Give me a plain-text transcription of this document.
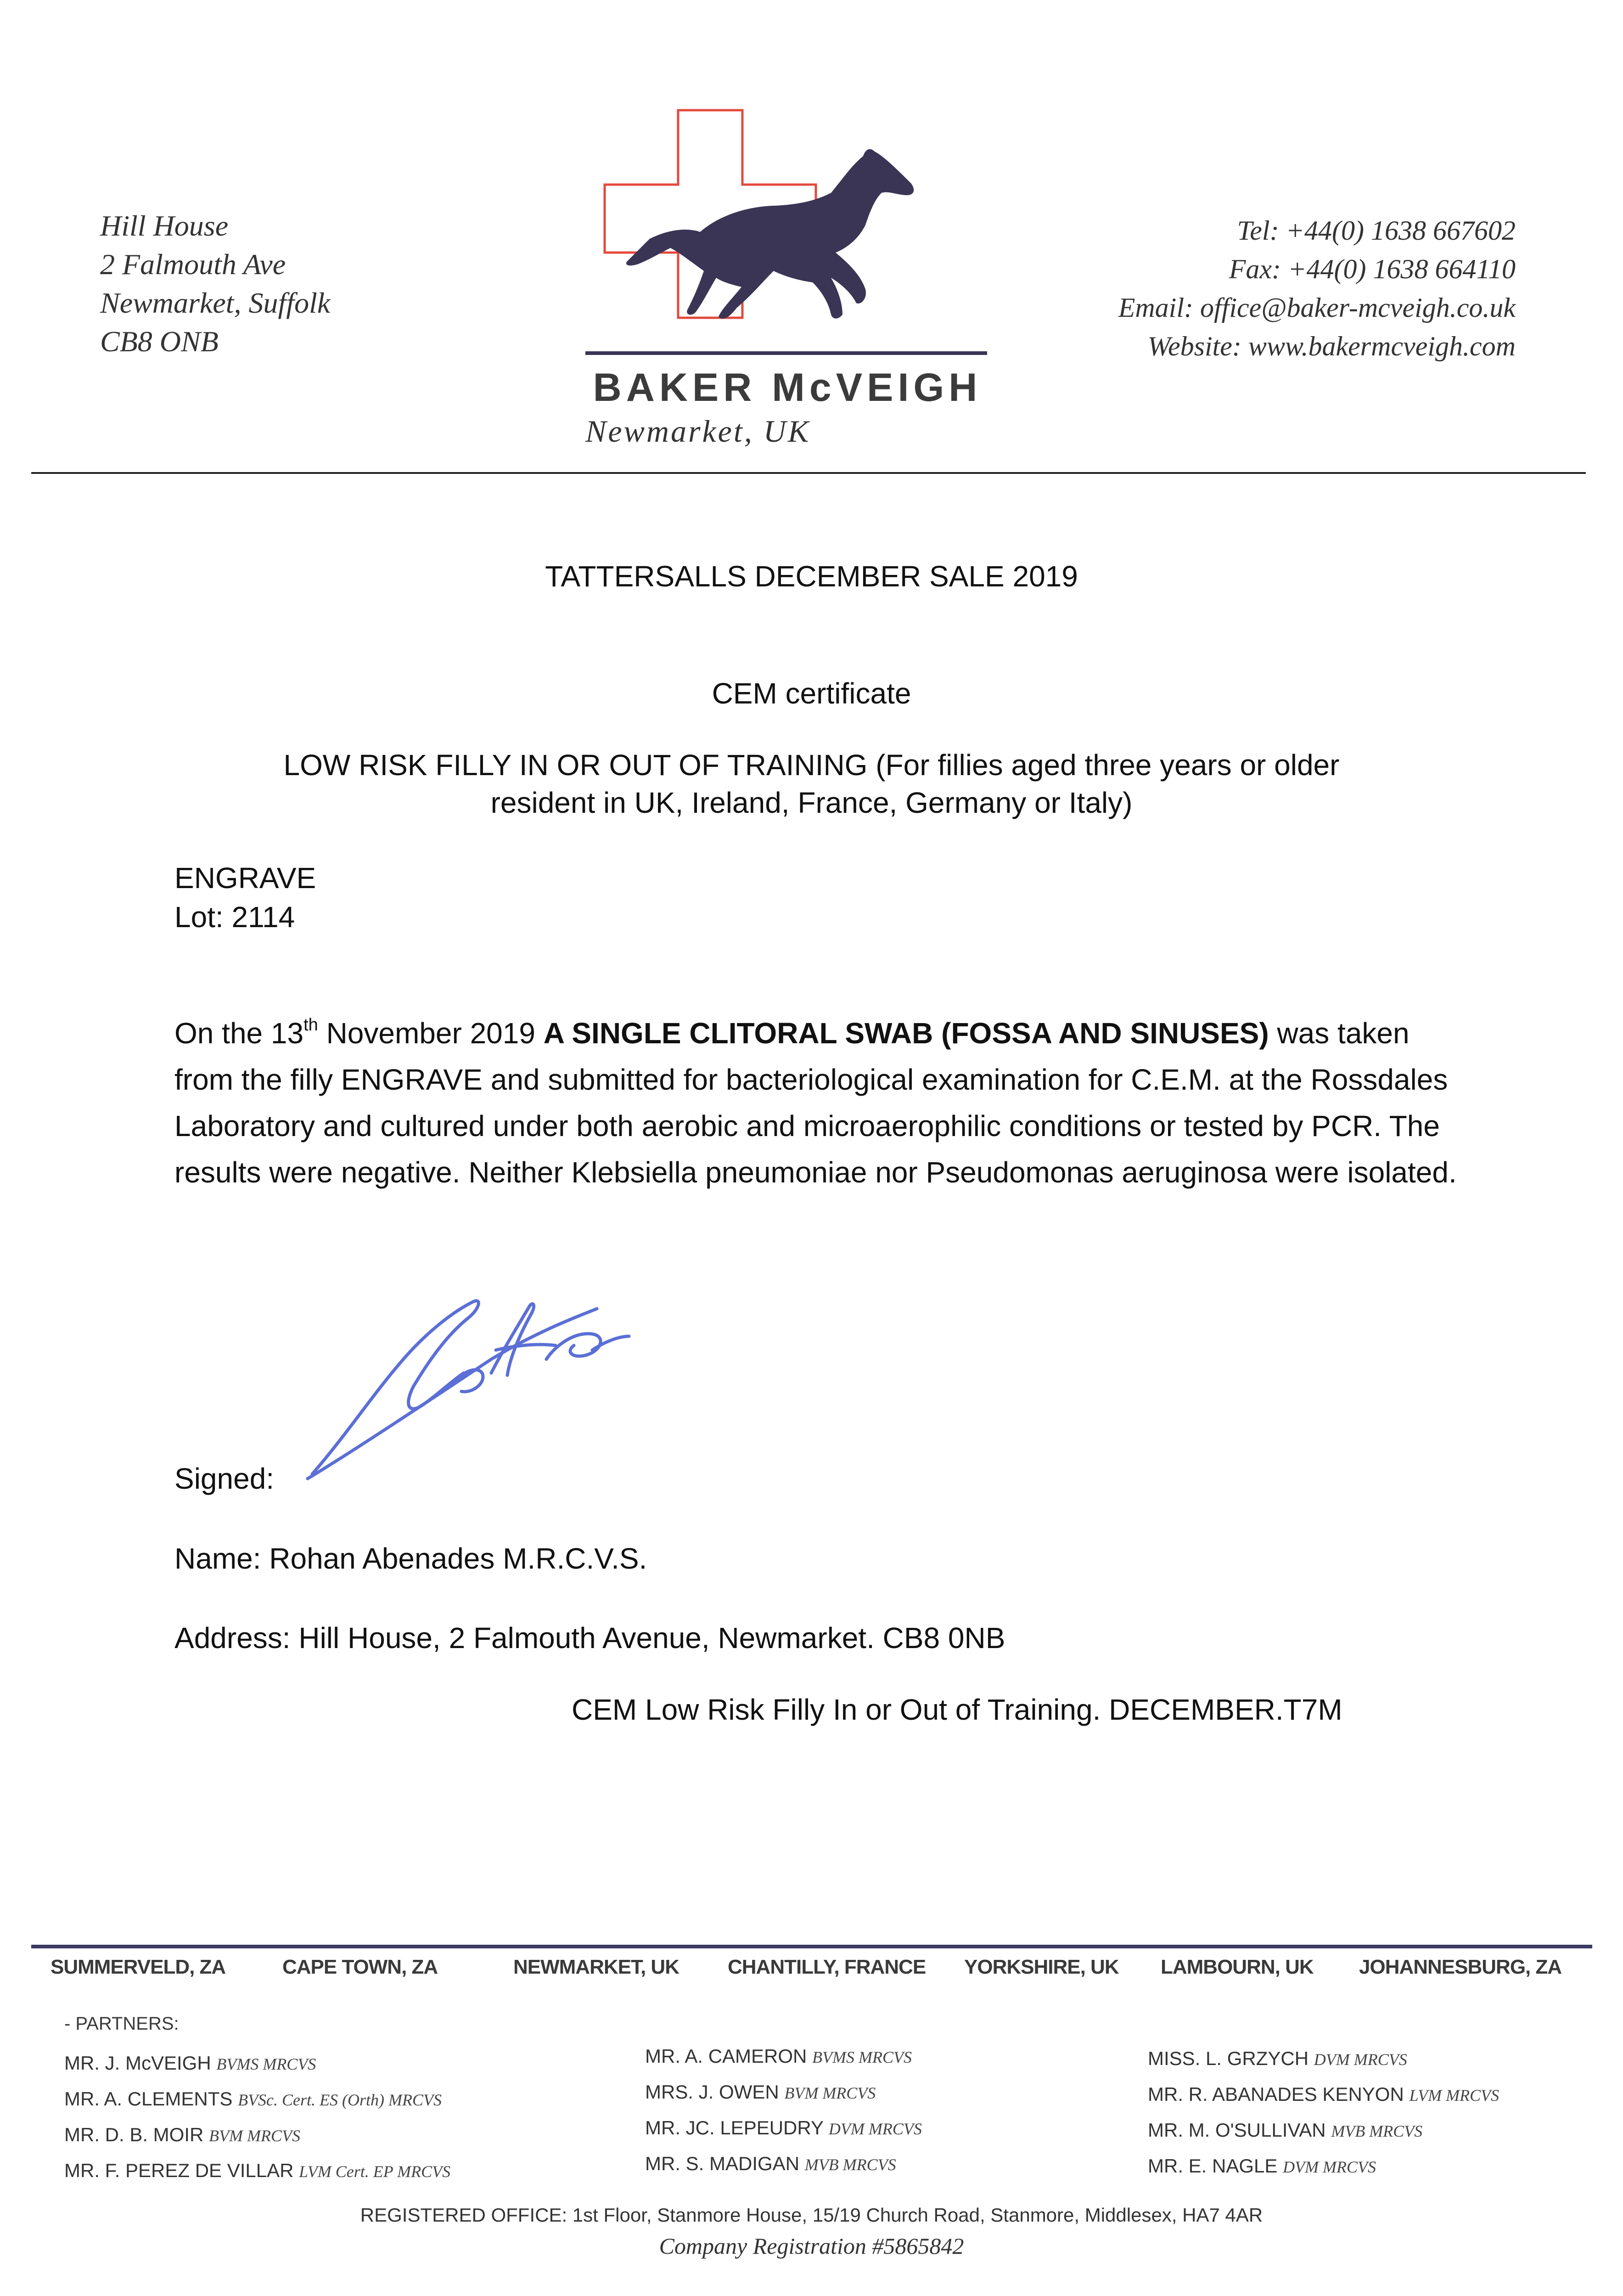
Hill House
2 Falmouth Ave
Newmarket, Suffolk
CB8 ONB
BAKER McVEIGH
Newmarket, UK
Tel: +44(0) 1638 667602
Fax: +44(0) 1638 664110
Email: office@baker-mcveigh.co.uk
Website: www.bakermcveigh.com
TATTERSALLS DECEMBER SALE 2019
CEM certificate
LOW RISK FILLY IN OR OUT OF TRAINING (For fillies aged three years or older
resident in UK, Ireland, France, Germany or Italy)
ENGRAVE
Lot: 2114
On the 13th November 2019 A SINGLE CLITORAL SWAB (FOSSA AND SINUSES) was taken from the filly ENGRAVE and submitted for bacteriological examination for C.E.M. at the Rossdales Laboratory and cultured under both aerobic and microaerophilic conditions or tested by PCR. The results were negative. Neither Klebsiella pneumoniae nor Pseudomonas aeruginosa were isolated.
Signed:
Name: Rohan Abenades M.R.C.V.S.
Address: Hill House, 2 Falmouth Avenue, Newmarket. CB8 0NB
CEM Low Risk Filly In or Out of Training. DECEMBER.T7M
SUMMERVELD, ZA	CAPE TOWN, ZA	NEWMARKET, UK CHANTILLY, FRANCE YORKSHIRE, UK LAMBOURN, UK JOHANNESBURG, ZA
- PARTNERS:
MR. J. McVEIGH BVMS MRCVS
MR. A. CLEMENTS BVSc. Cert. ES (Orth) MRCVS
MR. D. B. MOIR BVM MRCVS
MR. F. PEREZ DE VILLAR LVM Cert. EP MRCVS
MR. A. CAMERON BVMS MRCVS
MRS. J. OWEN BVM MRCVS
MR. JC. LEPEUDRY DVM MRCVS
MR. S. MADIGAN MVB MRCVS
MISS. L. GRZYCH DVM MRCVS
MR. R. ABANADES KENYON LVM MRCVS
MR. M. O'SULLIVAN MVB MRCVS
MR. E. NAGLE DVM MRCVS
REGISTERED OFFICE: 1st Floor, Stanmore House, 15/19 Church Road, Stanmore, Middlesex, HA7 4AR
Company Registration #5865842
